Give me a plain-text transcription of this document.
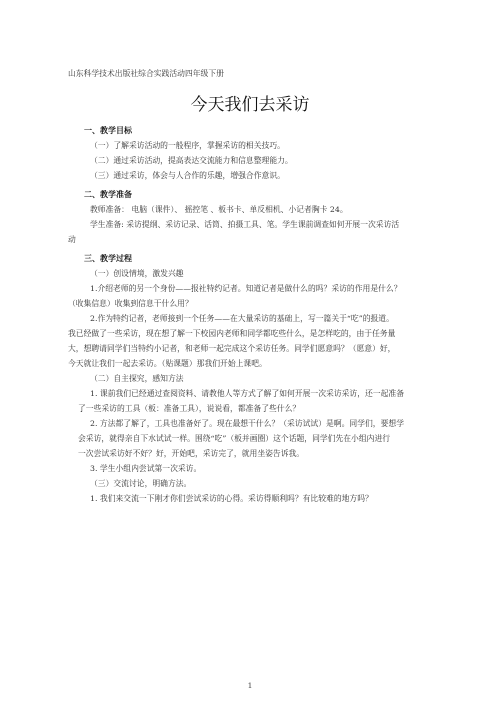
山东科学技术出版社综合实践活动四年级下册
今天我们去采访

一、教学目标

（一）了解采访活动的一般程序，掌握采访的相关技巧。

（二）通过采访活动，提高表达交流能力和信息整理能力。

（三）通过采访，体会与人合作的乐趣，增强合作意识。

二、教学准备

教师准备： 电脑（课件）、 摇控笔 、板书卡、单反相机、小记者胸卡 24。

学生准备: 采访提纲、采访记录、话筒、拍摄工具、笔。学生课前调查如何开展一次采访活

动

三、教学过程

（一）创设情境，激发兴趣

1.介绍老师的另一个身份——报社特约记者。知道记者是做什么的吗？采访的作用是什么？

（收集信息）收集到信息干什么用？

2.作为特约记者，老师接到一个任务——在大量采访的基础上，写一篇关于“吃”的报道。

我已经做了一些采访，现在想了解一下校园内老师和同学都吃些什么，是怎样吃的，由于任务量

大，想聘请同学们当特约小记者，和老师一起完成这个采访任务。同学们愿意吗？（愿意）好，

今天就让我们一起去采访。（贴课题）那我们开始上课吧。

（二）自主探究，感知方法

1. 课前我们已经通过查阅资料、请教他人等方式了解了如何开展一次采访采访，还一起准备

了一些采访的工具（板：准备工具），说说看，都准备了些什么？

2. 方法都了解了，工具也准备好了。现在最想干什么？（采访试试）是啊。同学们，要想学

会采访，就得亲自下水试试一样。围绕“吃”（板并画圈）这个话题，同学们先在小组内进行

一次尝试采访好不好？好，开始吧，采访完了，就用坐姿告诉我。

3. 学生小组内尝试第一次采访。

（三）交流讨论，明确方法。

1. 我们来交流一下刚才你们尝试采访的心得。采访得顺利吗？有比较难的地方吗？

1
